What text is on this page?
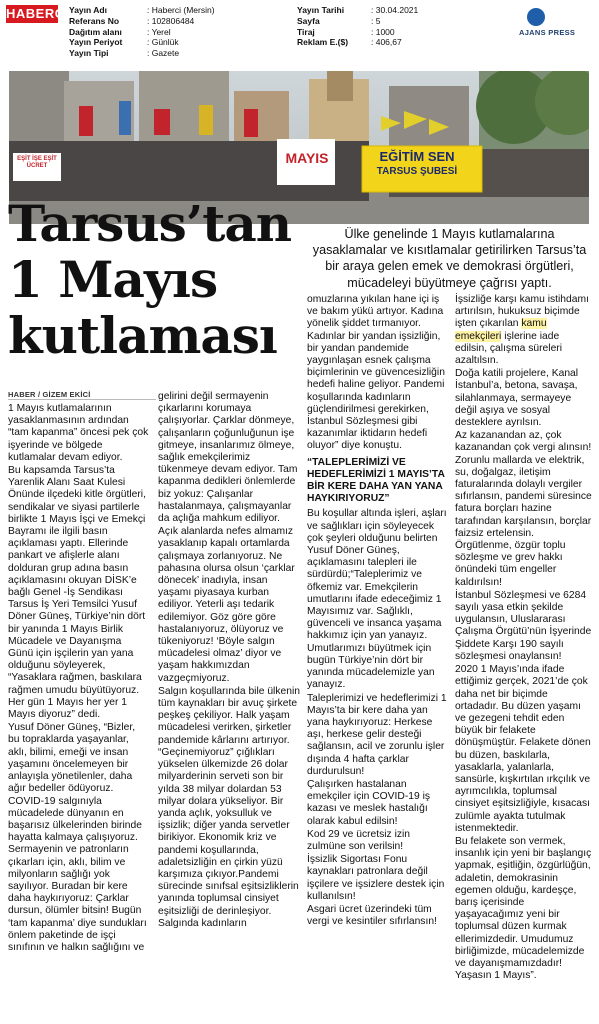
HABERCİ Yayın Adı
Referans No
Dağıtım alanı
Yayın Periyot
Yayın Tipi
: Haberci (Mersin)
: 102806484
: Yerel
: Günlük
: Gazete
Yayın Tarihi
Sayfa
Tiraj
Reklam E.($)
: 30.04.2021
: 5
: 1000
: 406,67
AJANS PRESS
EĞİTİM SEN
TARSUS ŞUBESİ
MAYIS
EŞİT İŞE EŞİT ÜCRET
Tarsus’tan
1 Mayıs
kutlaması
Ülke genelinde 1 Mayıs kutlamalarına yasaklamalar ve kısıtlamalar getirilirken Tarsus’ta bir araya gelen emek ve demokrasi örgütleri, mücadeleyi büyütmeye çağrısı yaptı.
HABER / GİZEM EKİCİ

1 Mayıs kutlamalarının yasaklanmasının ardından “tam kapanma” öncesi pek çok işyerinde ve bölgede kutlamalar devam ediyor.

Bu kapsamda Tarsus’ta Yarenlik Alanı Saat Kulesi Önünde ilçedeki kitle örgütleri, sendikalar ve siyasi partilerle birlikte 1 Mayıs İşçi ve Emekçi Bayramı ile ilgili basın açıklaması yaptı. Ellerinde pankart ve afişlerle alanı dolduran grup adına basın açıklamasını okuyan DİSK’e bağlı Genel -İş Sendikası Tarsus İş Yeri Temsilci Yusuf Döner Güneş, Türkiye’nin dört bir yanında 1 Mayıs Birlik Mücadele ve Dayanışma Günü için işçilerin yan yana olduğunu söyleyerek, “Yasaklara rağmen, baskılara rağmen umudu büyütüyoruz. Her gün 1 Mayıs her yer 1 Mayıs diyoruz” dedi.

Yusuf Döner Güneş, “Bizler, bu topraklarda yaşayanlar, aklı, bilimi, emeği ve insan yaşamını öncelemeyen bir anlayışla yönetilenler, daha ağır bedeller ödüyoruz. COVID-19 salgınıyla mücadelede dünyanın en başarısız ülkelerinden birinde hayatta kalmaya çalışıyoruz. Sermayenin ve patronların çıkarları için, aklı, bilim ve milyonların sağlığı yok sayılıyor. Buradan bir kere daha haykırıyoruz: Çarklar dursun, ölümler bitsin! Bugün ‘tam kapanma’ diye sundukları önlem paketinde de işçi sınıfının ve halkın sağlığını ve

gelirini değil sermayenin çıkarlarını korumaya çalışıyorlar. Çarklar dönmeye, çalışanların çoğunluğunun işe gitmeye, insanlarımız ölmeye, sağlık emekçilerimiz tükenmeye devam ediyor. Tam kapanma dedikleri önlemlerde biz yokuz: Çalışanlar hastalanmaya, çalışmayanlar da açlığa mahkum ediliyor.

Açık alanlarda nefes almamız yasaklanıp kapalı ortamlarda çalışmaya zorlanıyoruz. Ne pahasına olursa olsun ‘çarklar dönecek’ inadıyla, insan yaşamı piyasaya kurban ediliyor. Yeterli aşı tedarik edilemiyor. Göz göre göre hastalanıyoruz, ölüyoruz ve tükeniyoruz! ‘Böyle salgın mücadelesi olmaz’ diyor ve yaşam hakkımızdan vazgeçmiyoruz.

Salgın koşullarında bile ülkenin tüm kaynakları bir avuç şirkete peşkeş çekiliyor. Halk yaşam mücadelesi verirken, şirketler pandemide kârlarını artırıyor. “Geçinemiyoruz” çığlıkları yükselen ülkemizde 26 dolar milyarderinin serveti son bir yılda 38 milyar dolardan 53 milyar dolara yükseliyor. Bir yanda açlık, yoksulluk ve işsizlik; diğer yanda servetler birikiyor. Ekonomik kriz ve pandemi koşullarında, adaletsizliğin en çirkin yüzü karşımıza çıkıyor.Pandemi sürecinde sınıfsal eşitsizliklerin yanında toplumsal cinsiyet eşitsizliği de derinleşiyor. Salgında kadınların

omuzlarına yıkılan hane içi iş ve bakım yükü artıyor. Kadına yönelik şiddet tırmanıyor. Kadınlar bir yandan işsizliğin, bir yandan pandemide yaygınlaşan esnek çalışma biçimlerinin ve güvencesizliğin hedefi haline geliyor. Pandemi koşullarında kadınların güçlendirilmesi gerekirken, İstanbul Sözleşmesi gibi kazanımlar iktidarın hedefi oluyor” diye konuştu.

“TALEPLERİMİZİ VE HEDEFLERİMİZİ 1 MAYIS’TA BİR KERE DAHA YAN YANA HAYKIRIYORUZ”

Bu koşullar altında işleri, aşları ve sağlıkları için söyleyecek çok şeyleri olduğunu belirten Yusuf Döner Güneş, açıklamasını talepleri ile sürdürdü;“Taleplerimiz ve öfkemiz var. Emekçilerin umutlarını ifade edeceğimiz 1 Mayısımız var. Sağlıklı, güvenceli ve insanca yaşama hakkımız için yan yanayız. Umutlarımızı büyütmek için bugün Türkiye’nin dört bir yanında mücadelemizle yan yanayız.

Taleplerimizi ve hedeflerimizi 1 Mayıs’ta bir kere daha yan yana haykırıyoruz: Herkese aşı, herkese gelir desteği sağlansın, acil ve zorunlu işler dışında 4 hafta çarklar durdurulsun!

Çalışırken hastalanan emekçiler için COVID-19 iş kazası ve meslek hastalığı olarak kabul edilsin!

Kod 29 ve ücretsiz izin zulmüne son verilsin!

İşsizlik Sigortası Fonu kaynakları patronlara değil işçilere ve işsizlere destek için kullanılsın!

Asgari ücret üzerindeki tüm vergi ve kesintiler sıfırlansın!

İşsizliğe karşı kamu istihdamı artırılsın, hukuksuz biçimde işten çıkarılan kamu emekçileri işlerine iade edilsin, çalışma süreleri azaltılsın.

Doğa katili projelere, Kanal İstanbul’a, betona, savaşa, silahlanmaya, sermayeye değil aşıya ve sosyal desteklere ayrılsın.

Az kazanandan az, çok kazanandan çok vergi alınsın! Zorunlu mallarda ve elektrik, su, doğalgaz, iletişim faturalarında dolaylı vergiler sıfırlansın, pandemi süresince fatura borçları hazine tarafından karşılansın, borçlar faizsiz ertelensin. Örgütlenme, özgür toplu sözleşme ve grev hakkı önündeki tüm engeller kaldırılsın!

İstanbul Sözleşmesi ve 6284 sayılı yasa etkin şekilde uygulansın, Uluslararası Çalışma Örgütü’nün İşyerinde Şiddete Karşı 190 sayılı sözleşmesi onaylansın!

2020 1 Mayıs’ında ifade ettiğimiz gerçek, 2021’de çok daha net bir biçimde ortadadır. Bu düzen yaşamı ve gezegeni tehdit eden büyük bir felakete dönüşmüştür. Felakete dönen bu düzen, baskılarla, yasaklarla, yalanlarla, sansürle, kışkırtılan ırkçılık ve ayrımcılıkla, toplumsal cinsiyet eşitsizliğiyle, kısacası zulümle ayakta tutulmak istenmektedir.

Bu felakete son vermek, insanlık için yeni bir başlangıç yapmak, eşitliğin, özgürlüğün, adaletin, demokrasinin egemen olduğu, kardeşçe, barış içerisinde yaşayacağımız yeni bir toplumsal düzen kurmak ellerimizdedir. Umudumuz birliğimizde, mücadelemizde ve dayanışmamızdadır! Yaşasın 1 Mayıs”.
